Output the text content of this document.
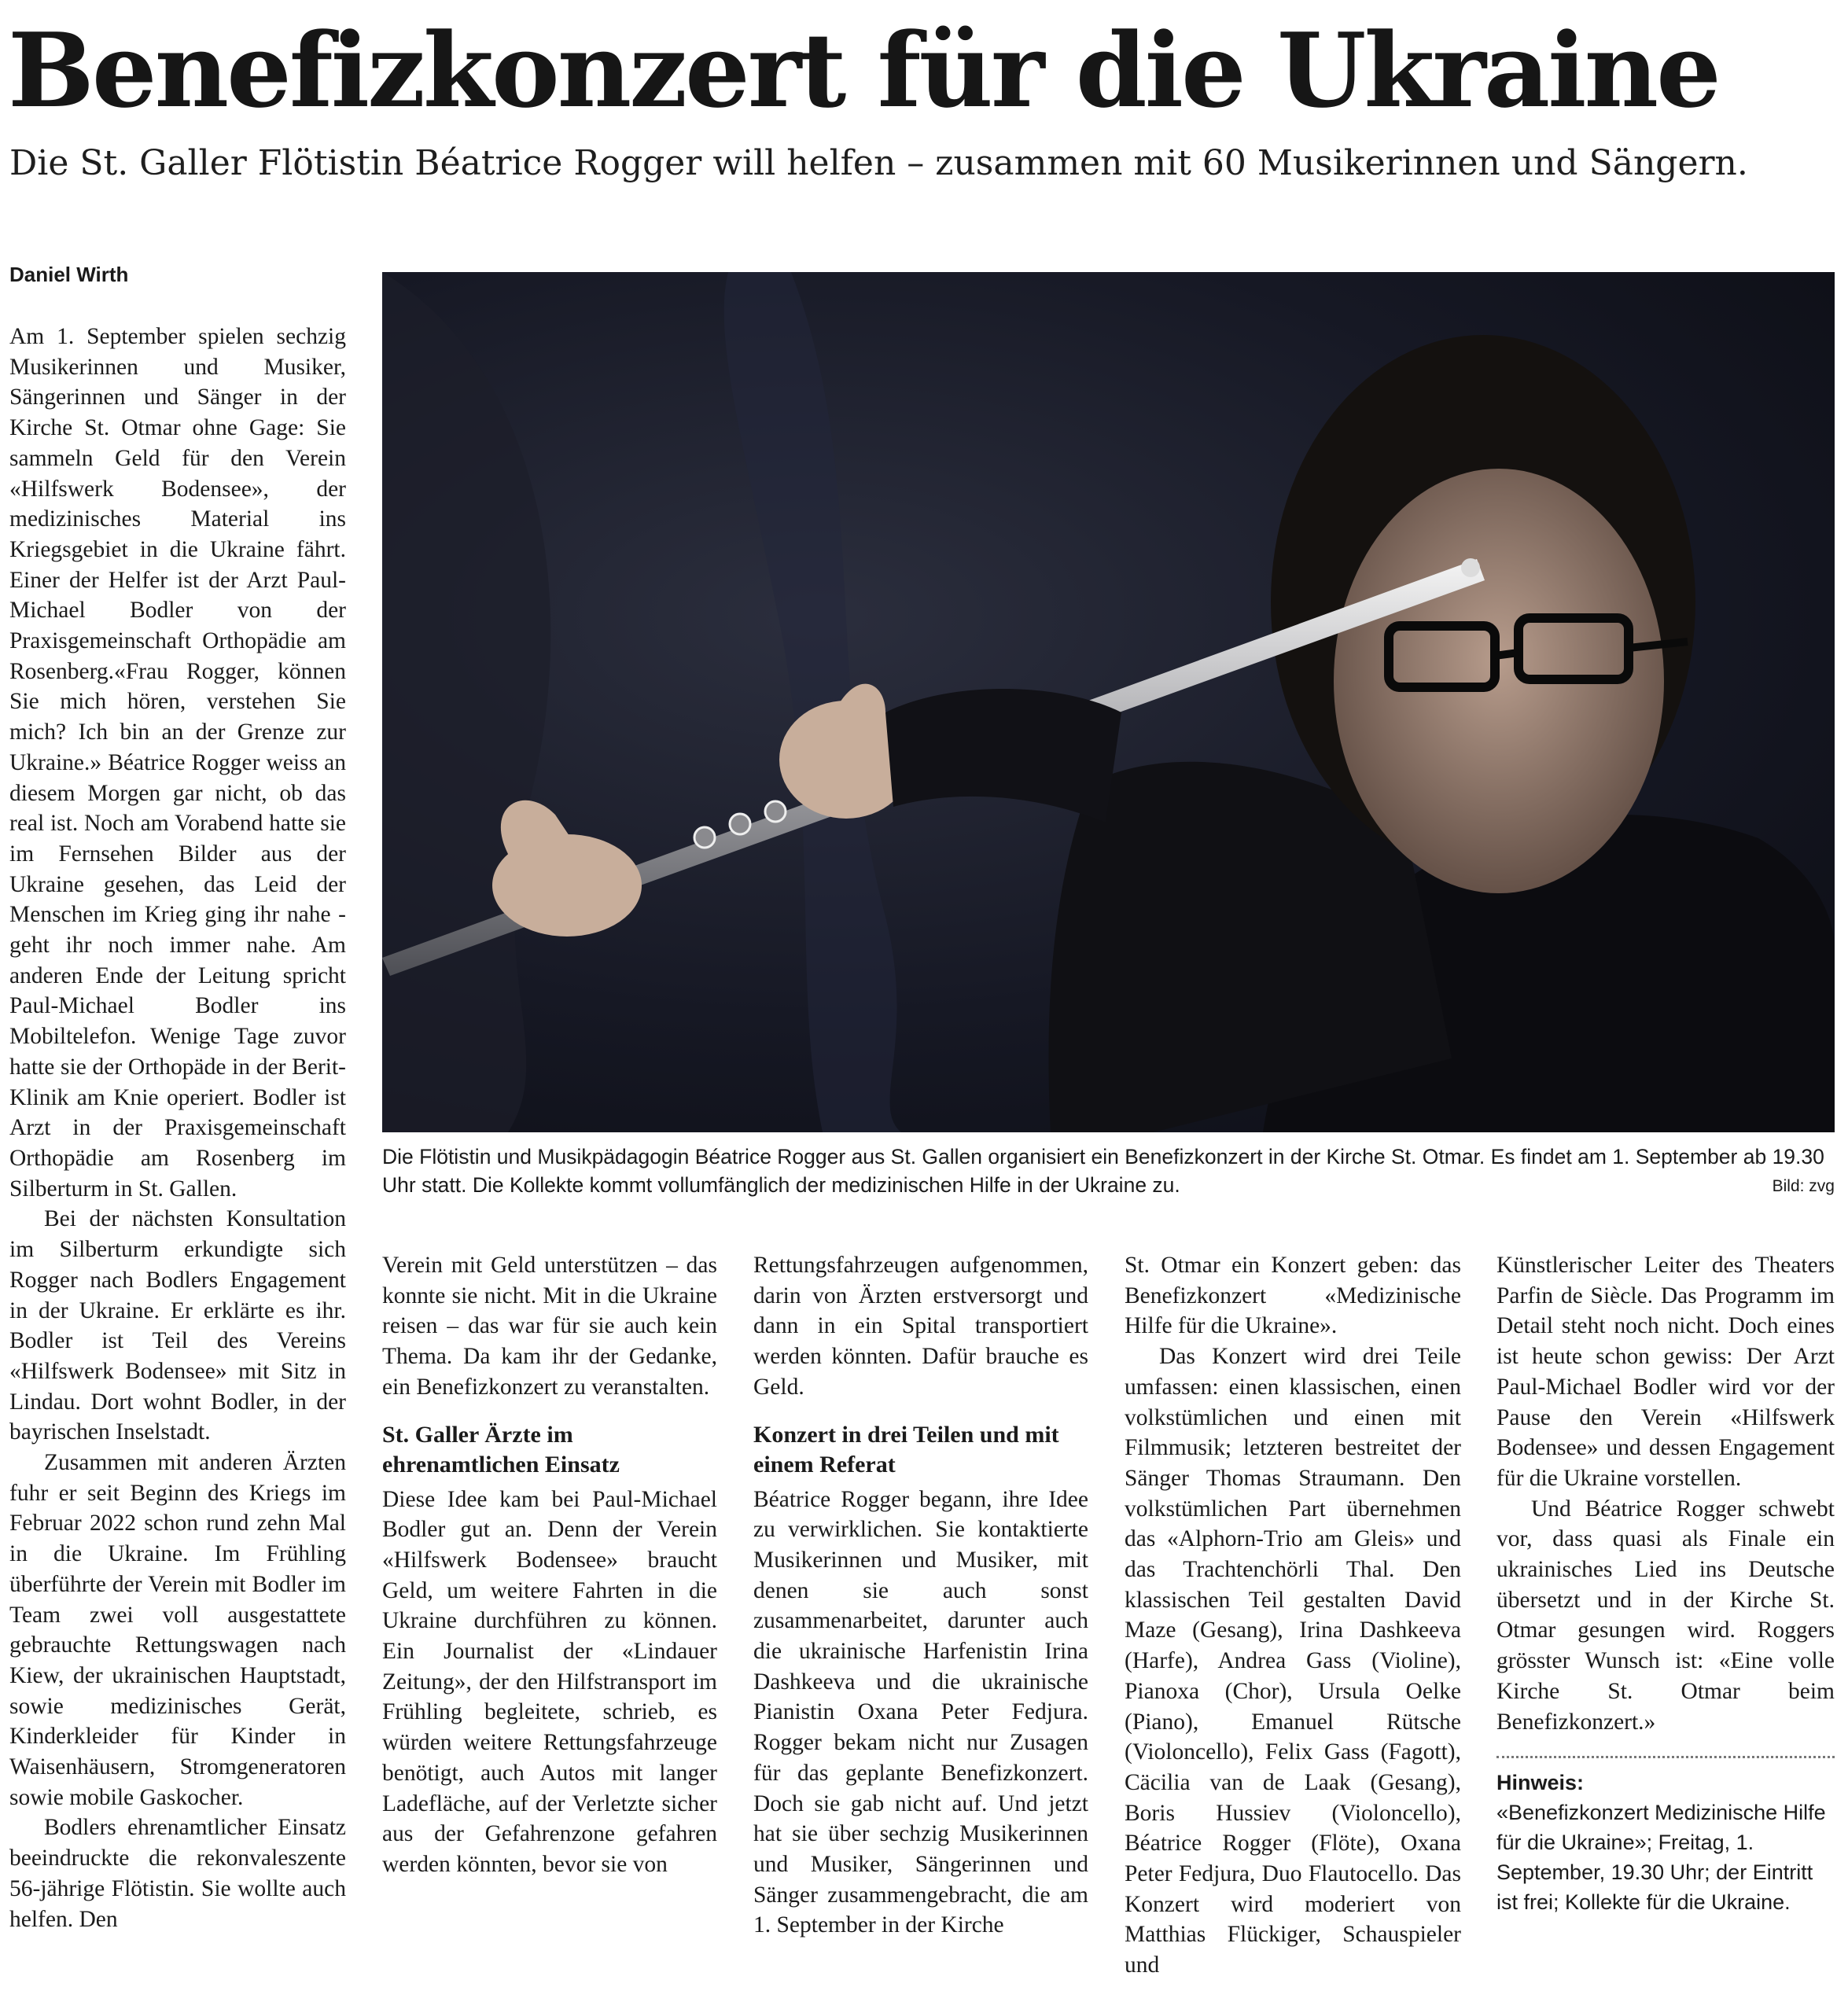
Benefizkonzert für die Ukraine

Die St. Galler Flötistin Béatrice Rogger will helfen – zusammen mit 60 Musikerinnen und Sängern.

Daniel Wirth

Am 1. September spielen sechzig Musikerinnen und Musiker, Sängerinnen und Sänger in der Kirche St. Otmar ohne Gage: Sie sammeln Geld für den Verein «Hilfswerk Bodensee», der medizinisches Material ins Kriegsgebiet in die Ukraine fährt. Einer der Helfer ist der Arzt Paul-Michael Bodler von der Praxisgemeinschaft Orthopädie am Rosenberg.«Frau Rogger, können Sie mich hören, verstehen Sie mich? Ich bin an der Grenze zur Ukraine.» Béatrice Rogger weiss an diesem Morgen gar nicht, ob das real ist. Noch am Vorabend hatte sie im Fernsehen Bilder aus der Ukraine gesehen, das Leid der Menschen im Krieg ging ihr nahe - geht ihr noch immer nahe. Am anderen Ende der Leitung spricht Paul-Michael Bodler ins Mobiltelefon. Wenige Tage zuvor hatte sie der Orthopäde in der Berit-Klinik am Knie operiert. Bodler ist Arzt in der Praxisgemeinschaft Orthopädie am Rosenberg im Silberturm in St. Gallen.

Bei der nächsten Konsultation im Silberturm erkundigte sich Rogger nach Bodlers Engagement in der Ukraine. Er erklärte es ihr. Bodler ist Teil des Vereins «Hilfswerk Bodensee» mit Sitz in Lindau. Dort wohnt Bodler, in der bayrischen Inselstadt.

Zusammen mit anderen Ärzten fuhr er seit Beginn des Kriegs im Februar 2022 schon rund zehn Mal in die Ukraine. Im Frühling überführte der Verein mit Bodler im Team zwei voll ausgestattete gebrauchte Rettungswagen nach Kiew, der ukrainischen Hauptstadt, sowie medizinisches Gerät, Kinderkleider für Kinder in Waisenhäusern, Stromgeneratoren sowie mobile Gaskocher.

Bodlers ehrenamtlicher Einsatz beeindruckte die rekonvaleszente 56-jährige Flötistin. Sie wollte auch helfen. Den

Die Flötistin und Musikpädagogin Béatrice Rogger aus St. Gallen organisiert ein Benefizkonzert in der Kirche St. Otmar. Es findet am 1. September ab 19.30 Uhr statt. Die Kollekte kommt vollumfänglich der medizinischen Hilfe in der Ukraine zu.	Bild: zvg

Verein mit Geld unterstützen – das konnte sie nicht. Mit in die Ukraine reisen – das war für sie auch kein Thema. Da kam ihr der Gedanke, ein Benefizkonzert zu veranstalten.

St. Galler Ärzte im ehrenamtlichen Einsatz

Diese Idee kam bei Paul-Michael Bodler gut an. Denn der Verein «Hilfswerk Bodensee» braucht Geld, um weitere Fahrten in die Ukraine durchführen zu können. Ein Journalist der «Lindauer Zeitung», der den Hilfstransport im Frühling begleitete, schrieb, es würden weitere Rettungsfahrzeuge benötigt, auch Autos mit langer Ladefläche, auf der Verletzte sicher aus der Gefahrenzone gefahren werden könnten, bevor sie von

Rettungsfahrzeugen aufgenommen, darin von Ärzten erstversorgt und dann in ein Spital transportiert werden könnten. Dafür brauche es Geld.

Konzert in drei Teilen und mit einem Referat

Béatrice Rogger begann, ihre Idee zu verwirklichen. Sie kontaktierte Musikerinnen und Musiker, mit denen sie auch sonst zusammenarbeitet, darunter auch die ukrainische Harfenistin Irina Dashkeeva und die ukrainische Pianistin Oxana Peter Fedjura. Rogger bekam nicht nur Zusagen für das geplante Benefizkonzert. Doch sie gab nicht auf. Und jetzt hat sie über sechzig Musikerinnen und Musiker, Sängerinnen und Sänger zusammengebracht, die am 1. September in der Kirche

St. Otmar ein Konzert geben: das Benefizkonzert «Medizinische Hilfe für die Ukraine».

Das Konzert wird drei Teile umfassen: einen klassischen, einen volkstümlichen und einen mit Filmmusik; letzteren bestreitet der Sänger Thomas Straumann. Den volkstümlichen Part übernehmen das «Alphorn-Trio am Gleis» und das Trachtenchörli Thal. Den klassischen Teil gestalten David Maze (Gesang), Irina Dashkeeva (Harfe), Andrea Gass (Violine), Pianoxa (Chor), Ursula Oelke (Piano), Emanuel Rütsche (Violoncello), Felix Gass (Fagott), Cäcilia van de Laak (Gesang), Boris Hussiev (Violoncello), Béatrice Rogger (Flöte), Oxana Peter Fedjura, Duo Flautocello. Das Konzert wird moderiert von Matthias Flückiger, Schauspieler und

Künstlerischer Leiter des Theaters Parfin de Siècle. Das Programm im Detail steht noch nicht. Doch eines ist heute schon gewiss: Der Arzt Paul-Michael Bodler wird vor der Pause den Verein «Hilfswerk Bodensee» und dessen Engagement für die Ukraine vorstellen.

Und Béatrice Rogger schwebt vor, dass quasi als Finale ein ukrainisches Lied ins Deutsche übersetzt und in der Kirche St. Otmar gesungen wird. Roggers grösster Wunsch ist: «Eine volle Kirche St. Otmar beim Benefizkonzert.»

Hinweis:
«Benefizkonzert Medizinische Hilfe für die Ukraine»; Freitag, 1. September, 19.30 Uhr; der Eintritt ist frei; Kollekte für die Ukraine.
